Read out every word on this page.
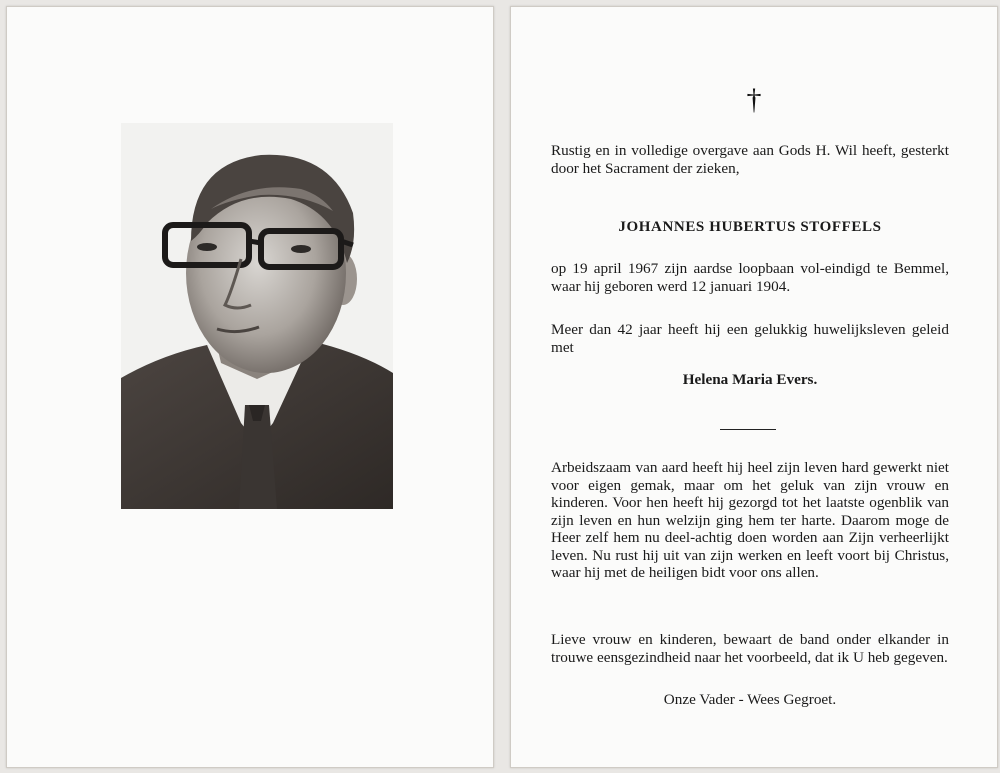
†
Rustig en in volledige overgave aan Gods H. Wil heeft, gesterkt door het Sacrament der zieken,
JOHANNES HUBERTUS STOFFELS
op 19 april 1967 zijn aardse loopbaan vol-eindigd te Bemmel, waar hij geboren werd 12 januari 1904.
Meer dan 42 jaar heeft hij een gelukkig huwelijksleven geleid met
Helena Maria Evers.
Arbeidszaam van aard heeft hij heel zijn leven hard gewerkt niet voor eigen gemak, maar om het geluk van zijn vrouw en kinderen. Voor hen heeft hij gezorgd tot het laatste ogenblik van zijn leven en hun welzijn ging hem ter harte. Daarom moge de Heer zelf hem nu deel-achtig doen worden aan Zijn verheerlijkt leven. Nu rust hij uit van zijn werken en leeft voort bij Christus, waar hij met de heiligen bidt voor ons allen.
Lieve vrouw en kinderen, bewaart de band onder elkander in trouwe eensgezindheid naar het voorbeeld, dat ik U heb gegeven.
Onze Vader - Wees Gegroet.
